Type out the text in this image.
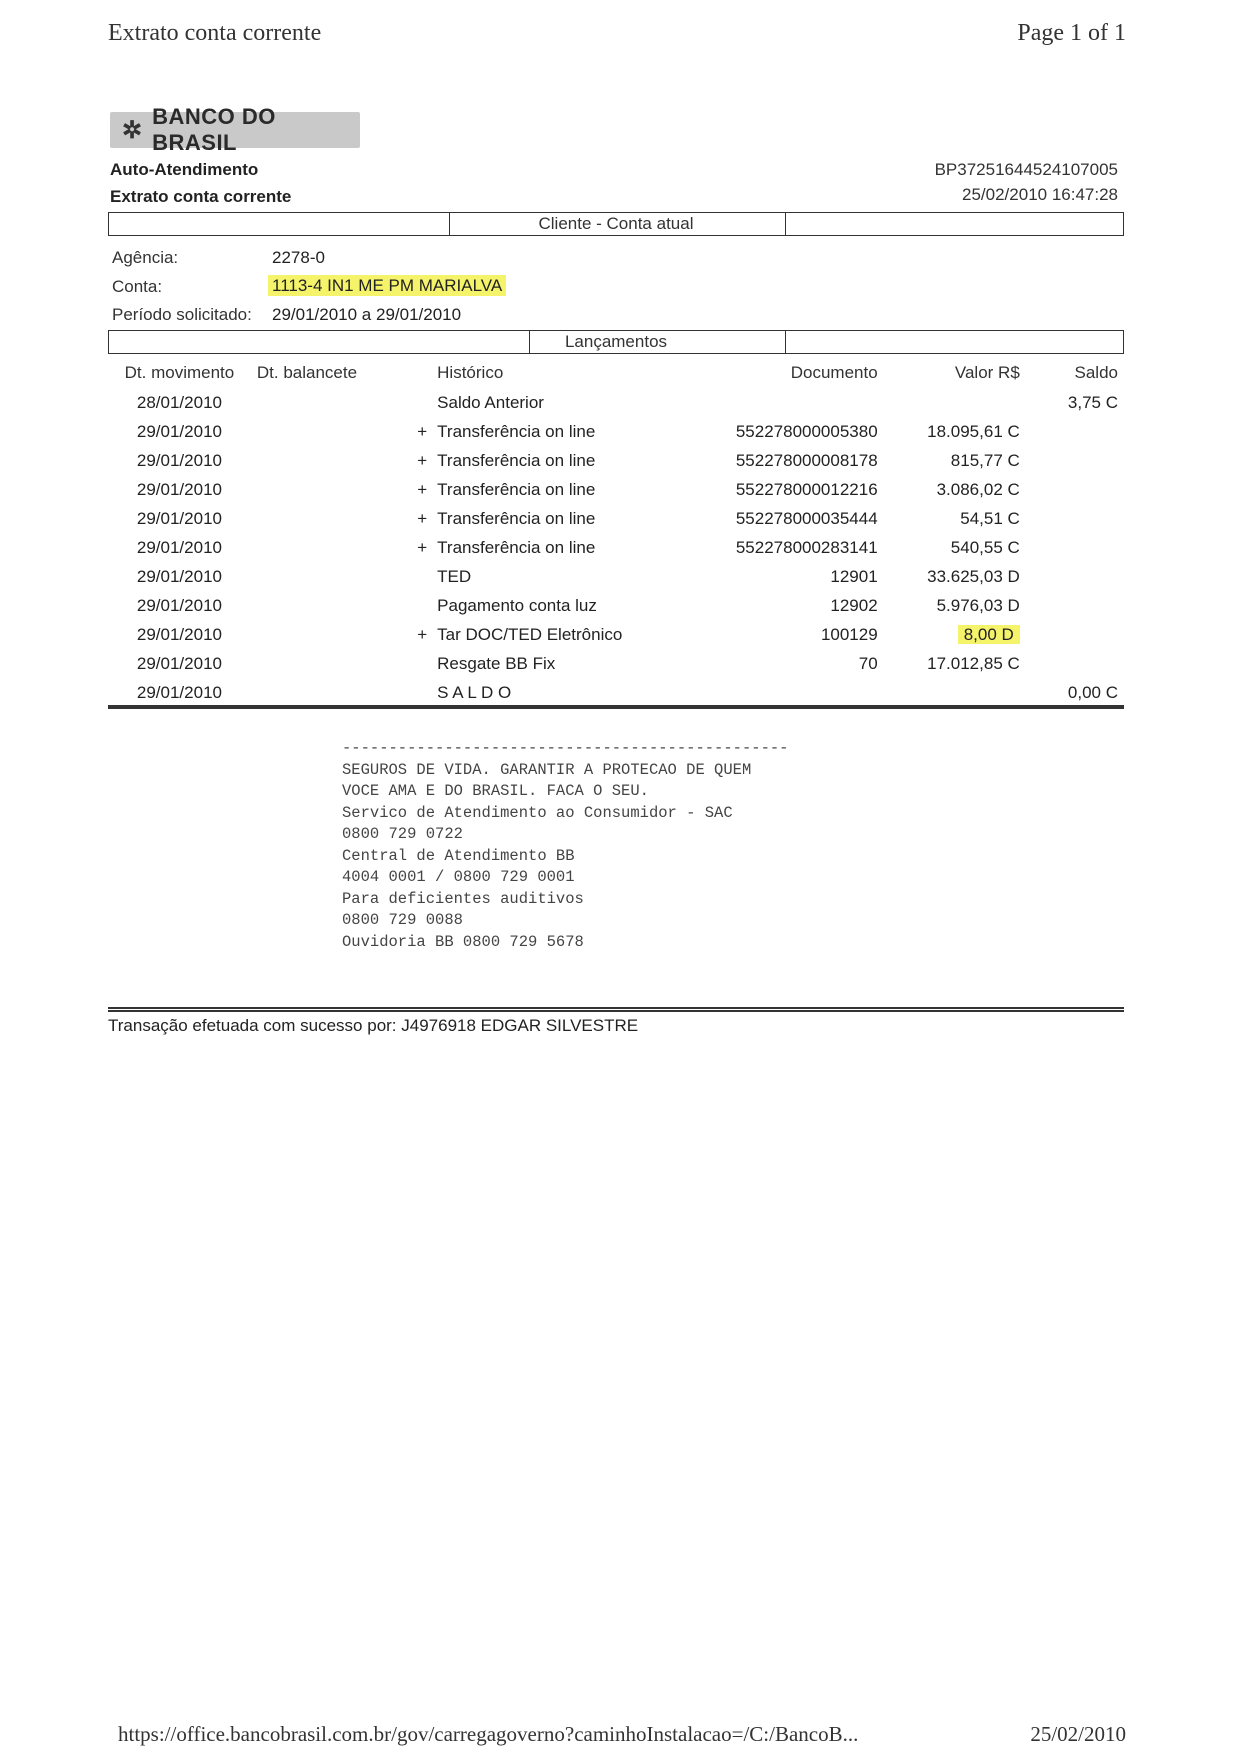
Extrato conta corrente	Page 1 of 1
✲ BANCO DO BRASIL
Auto-Atendimento
Extrato conta corrente
BP37251644524107005
25/02/2010 16:47:28
Cliente - Conta atual
Agência:	2278-0
Conta:	1113-4 IN1 ME PM MARIALVA
Período solicitado: 29/01/2010 a 29/01/2010
Lançamentos
Dt. movimento	Dt. balancete		Histórico	Documento	Valor R$	Saldo
28/01/2010			Saldo Anterior			3,75 C
29/01/2010		+	Transferência on line	552278000005380	18.095,61 C	
29/01/2010		+	Transferência on line	552278000008178	815,77 C	
29/01/2010		+	Transferência on line	552278000012216	3.086,02 C	
29/01/2010		+	Transferência on line	552278000035444	54,51 C	
29/01/2010		+	Transferência on line	552278000283141	540,55 C	
29/01/2010			TED	12901	33.625,03 D	
29/01/2010			Pagamento conta luz	12902	5.976,03 D	
29/01/2010		+	Tar DOC/TED Eletrônico	100129	8,00 D	
29/01/2010			Resgate BB Fix	70	17.012,85 C	
29/01/2010			S A L D O			0,00 C
------------------------------------------------
SEGUROS DE VIDA. GARANTIR A PROTECAO DE QUEM
VOCE AMA E DO BRASIL. FACA O SEU.
Servico de Atendimento ao Consumidor - SAC
0800 729 0722
Central de Atendimento BB
4004 0001 / 0800 729 0001
Para deficientes auditivos
0800 729 0088
Ouvidoria BB 0800 729 5678
Transação efetuada com sucesso por: J4976918 EDGAR SILVESTRE
https://office.bancobrasil.com.br/gov/carregagoverno?caminhoInstalacao=/C:/BancoB...	25/02/2010
